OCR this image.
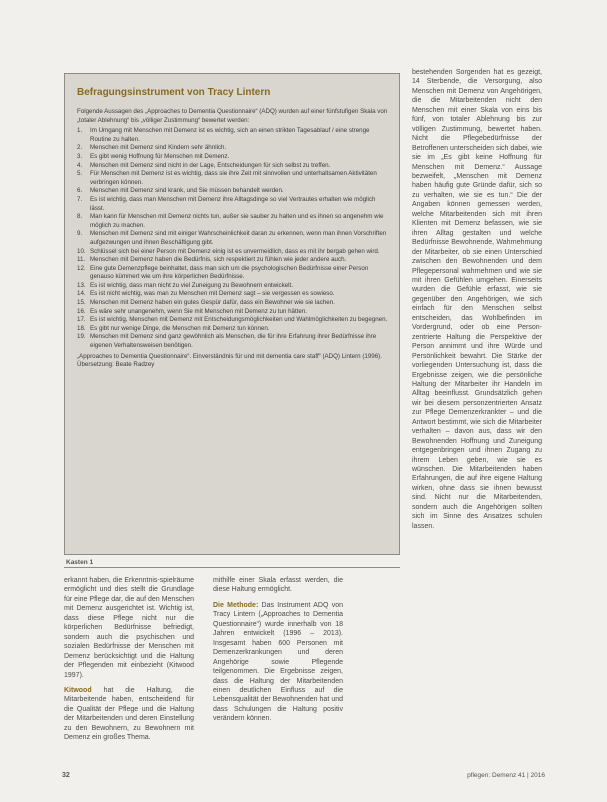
Befragungsinstrument von Tracy Lintern
Folgende Aussagen des „Approaches to Dementia Questionnaire“ (ADQ) wurden auf einer fünfstufigen Skala von „totaler Ablehnung“ bis „völliger Zustimmung“ bewertet werden:
1.	Im Umgang mit Menschen mit Demenz ist es wichtig, sich an einen strikten Tagesablauf / eine strenge Routine zu halten.
2.	Menschen mit Demenz sind Kindern sehr ähnlich.
3.	Es gibt wenig Hoffnung für Menschen mit Demenz.
4.	Menschen mit Demenz sind nicht in der Lage, Entscheidungen für sich selbst zu treffen.
5.	Für Menschen mit Demenz ist es wichtig, dass sie ihre Zeit mit sinnvollen und unterhaltsamen Aktivitäten verbringen können.
6.	Menschen mit Demenz sind krank, und Sie müssen behandelt werden.
7.	Es ist wichtig, dass man Menschen mit Demenz ihre Alltagsdinge so viel Vertrautes erhalten wie möglich lässt.
8.	Man kann für Menschen mit Demenz nichts tun, außer sie sauber zu halten und es ihnen so angenehm wie möglich zu machen.
9.	Menschen mit Demenz sind mit einiger Wahrscheinlichkeit daran zu erkennen, wenn man ihnen Vorschriften aufgezwungen und ihnen Beschäftigung gibt.
10. Schlüssel sich bei einer Person mit Demenz einig ist es unvermeidlich, dass es mit ihr bergab gehen wird.
11. Menschen mit Demenz haben die Bedürfnis, sich respektiert zu fühlen wie jeder andere auch.
12. Eine gute Demenzpflege beinhaltet, dass man sich um die psychologischen Bedürfnisse einer Person genauso kümmert wie um ihre körperlichen Bedürfnisse.
13. Es ist wichtig, dass man nicht zu viel Zuneigung zu Bewohnern entwickelt.
14. Es ist nicht wichtig, was man zu Menschen mit Demenz sagt – sie vergessen es sowieso.
15. Menschen mit Demenz haben ein gutes Gespür dafür, dass ein Bewohner wie sie lachen.
16. Es wäre sehr unangenehm, wenn Sie mit Menschen mit Demenz zu tun hätten.
17. Es ist wichtig, Menschen mit Demenz mit Entscheidungsmöglichkeiten und Wahlmöglichkeiten zu begegnen.
18. Es gibt nur wenige Dinge, die Menschen mit Demenz tun können.
19. Menschen mit Demenz sind ganz gewöhnlich als Menschen, die für ihre Erfahrung ihrer Bedürfnisse ihre eigenen Verhaltensweisen benötigen.
„Approaches to Dementia Questionnaire“. Einverständnis für und mit dementia care staff“ (ADQ) Lintern (1996). Übersetzung: Beate Radzey
Kasten 1

bestehenden Sorgenden hat es gezeigt, 14 Sterbende, die Versorgung, also Menschen mit Demenz von Angehörigen, die die Mitarbeitenden nicht den Menschen mit einer Skala von eins bis fünf, von totaler Ablehnung bis zur völligen Zustimmung, bewertet haben. Nicht die Pflegebedürfnisse der Betroffenen unterscheiden sich dabei, wie sie im „Es gibt keine Hoffnung für Menschen mit Demenz.“ Aussage bezweifelt, „Menschen mit Demenz haben häufig gute Gründe dafür, sich so zu verhalten, wie sie es tun.“ Die der Angaben können gemessen werden, welche Mitarbeitenden sich mit ihren Klienten mit Demenz befassen, wie sie ihren Alltag gestalten und welche Bedürfnisse Bewohnende, Wahrnehmung der Mitarbeiter, ob sie einen Unterschied zwischen den Bewohnenden und dem Pflegepersonal wahrnehmen und wie sie mit ihren Gefühlen umgehen. Einerseits wurden die Gefühle erfasst, wie sie gegenüber den Angehörigen, wie sich einfach für den Menschen selbst entscheiden, das Wohlbefinden im Vordergrund, oder ob eine Person-zentrierte Haltung die Perspektive der Person annimmt und ihre Würde und Persönlichkeit bewahrt. Die Stärke der vorliegenden Untersuchung ist, dass die Ergebnisse zeigen, wie die persönliche Haltung der Mitarbeiter ihr Handeln im Alltag beeinflusst. Grundsätzlich gehen wir bei diesem personzentrierten Ansatz zur Pflege Demenzerkrankter – und die Antwort bestimmt, wie sich die Mitarbeiter verhalten – davon aus, dass wir den Bewohnenden Hoffnung und Zuneigung entgegenbringen und ihnen Zugang zu ihrem Leben geben, wie sie es wünschen. Die Mitarbeitenden haben Erfahrungen, die auf ihre eigene Haltung wirken, ohne dass sie ihnen bewusst sind. Nicht nur die Mitarbeitenden, sondern auch die Angehörigen sollten sich im Sinne des Ansatzes schulen lassen.

erkannt haben, die Erkenntnis-spielräume ermöglicht und dies stellt die Grundlage für eine Pflege dar, die auf den Menschen mit Demenz ausgerichtet ist. Wichtig ist, dass diese Pflege nicht nur die körperlichen Bedürfnisse befriedigt, sondern auch die psychischen und sozialen Bedürfnisse der Menschen mit Demenz berücksichtigt und die Haltung der Pflegenden mit einbezieht (Kitwood 1997).

Kitwood hat die Haltung, die Mitarbeitende haben, entscheidend für die Qualität der Pflege und die Haltung der Mitarbeitenden und deren Einstellung zu den Bewohnern, zu Bewohnern mit Demenz ein großes Thema.

mithilfe einer Skala erfasst werden, die diese Haltung ermöglicht.

Die Methode: Das Instrument ADQ von Tracy Lintern („Approaches to Dementia Questionnaire“) wurde innerhalb von 18 Jahren entwickelt (1996 – 2013). Insgesamt haben 600 Personen mit Demenzerkrankungen und deren Angehörige sowie Pflegende teilgenommen. Die Ergebnisse zeigen, dass die Haltung der Mitarbeitenden einen deutlichen Einfluss auf die Lebensqualität der Bewohnenden hat und dass Schulungen die Haltung positiv verändern können.

32	pflegen: Demenz 41 | 2016
